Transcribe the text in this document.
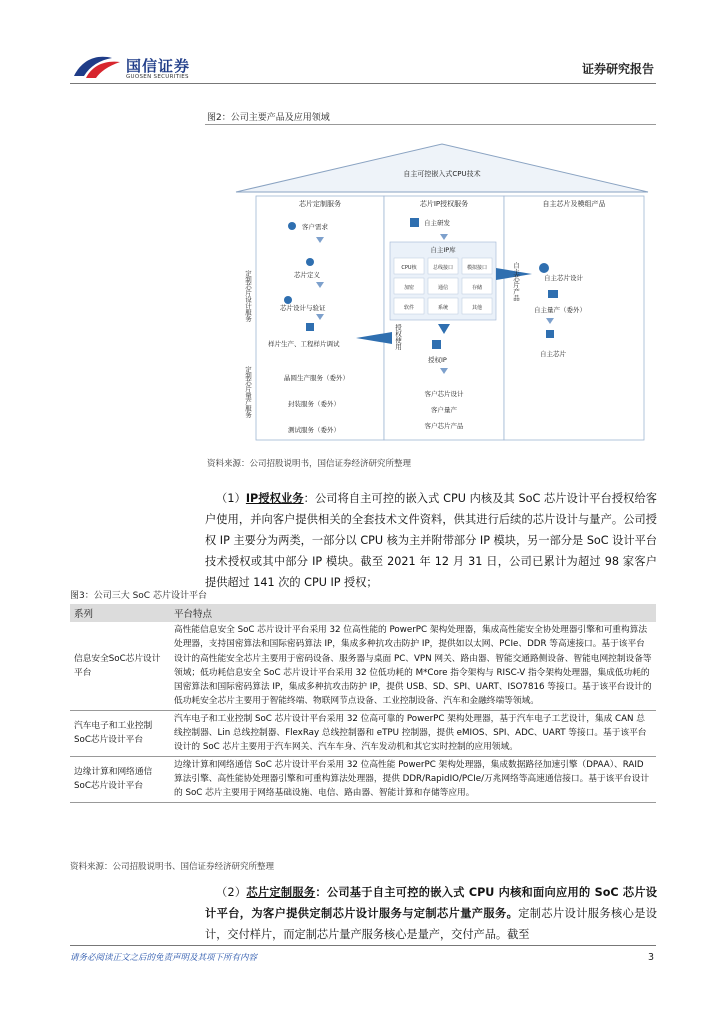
国信证券
GUOSEN SECURITIES
证券研究报告
图2：公司主要产品及应用领域
自主可控嵌入式CPU技术
芯片定制服务	芯片IP授权服务	自主芯片及模组产品
客户需求
芯片定义
芯片设计与验证
样片生产、工程样片调试
晶圆生产服务（委外）
封装服务（委外）
测试服务（委外）
定制芯片设计服务
定制芯片量产服务
自主研发
自主IP库
CPU核	总线接口	模拟接口
加密	通信	存储
软件	系统	其他
授权使用
授权IP
客户芯片设计
客户量产
客户芯片产品
自主芯片产品	自主芯片设计
自主量产（委外）
自主芯片
资料来源：公司招股说明书，国信证券经济研究所整理
（1）IP授权业务：公司将自主可控的嵌入式 CPU 内核及其 SoC 芯片设计平台授权给客户使用，并向客户提供相关的全套技术文件资料，供其进行后续的芯片设计与量产。公司授权 IP 主要分为两类，一部分以 CPU 核为主并附带部分 IP 模块，另一部分是 SoC 设计平台技术授权或其中部分 IP 模块。截至 2021 年 12 月 31 日，公司已累计为超过 98 家客户提供超过 141 次的 CPU IP 授权；
图3：公司三大 SoC 芯片设计平台
系列	平台特点
信息安全SoC芯片设计平台	高性能信息安全 SoC 芯片设计平台采用 32 位高性能的 PowerPC 架构处理器，集成高性能安全协处理器引擎和可重构算法处理器，支持国密算法和国际密码算法 IP，集成多种抗攻击防护 IP，提供如以太网、PCIe、DDR 等高速接口。基于该平台设计的高性能安全芯片主要用于密码设备、服务器与桌面 PC、VPN 网关、路由器、智能交通路侧设备、智能电网控制设备等领域；低功耗信息安全 SoC 芯片设计平台采用 32 位低功耗的 M*Core 指令架构与 RISC-V 指令架构处理器，集成低功耗的国密算法和国际密码算法 IP，集成多种抗攻击防护 IP，提供 USB、SD、SPI、UART、ISO7816 等接口。基于该平台设计的低功耗安全芯片主要用于智能终端、物联网节点设备、工业控制设备、汽车和金融终端等领域。
汽车电子和工业控制SoC芯片设计平台	汽车电子和工业控制 SoC 芯片设计平台采用 32 位高可靠的 PowerPC 架构处理器，基于汽车电子工艺设计，集成 CAN 总线控制器、Lin 总线控制器、FlexRay 总线控制器和 eTPU 控制器，提供 eMIOS、SPI、ADC、UART 等接口。基于该平台设计的 SoC 芯片主要用于汽车网关、汽车车身、汽车发动机和其它实时控制的应用领域。
边缘计算和网络通信SoC芯片设计平台	边缘计算和网络通信 SoC 芯片设计平台采用 32 位高性能 PowerPC 架构处理器，集成数据路径加速引擎（DPAA）、RAID 算法引擎、高性能协处理器引擎和可重构算法处理器，提供 DDR/RapidIO/PCIe/万兆网络等高速通信接口。基于该平台设计的 SoC 芯片主要用于网络基础设施、电信、路由器、智能计算和存储等应用。
资料来源：公司招股说明书、国信证券经济研究所整理
（2）芯片定制服务：公司基于自主可控的嵌入式 CPU 内核和面向应用的 SoC 芯片设计平台，为客户提供定制芯片设计服务与定制芯片量产服务。定制芯片设计服务核心是设计，交付样片，而定制芯片量产服务核心是量产，交付产品。截至
请务必阅读正文之后的免责声明及其项下所有内容	3
